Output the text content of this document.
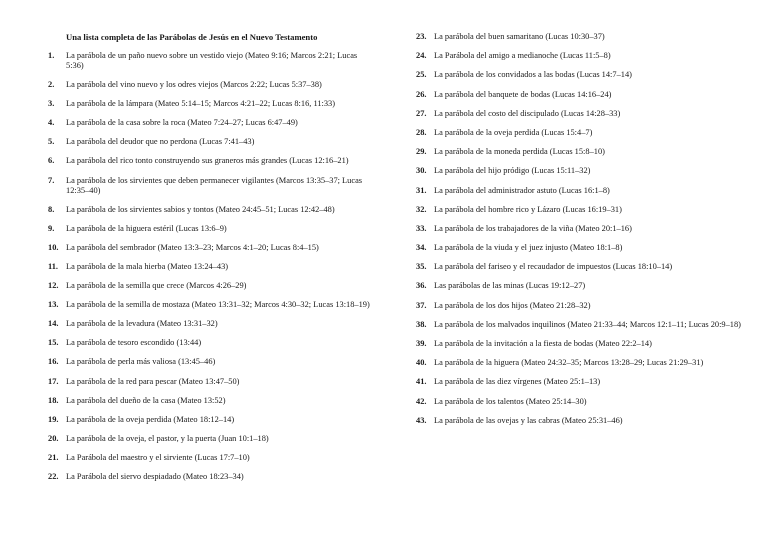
Una lista completa de las Parábolas de Jesús en el Nuevo Testamento
1.	La parábola de un paño nuevo sobre un vestido viejo (Mateo 9:16; Marcos 2:21; Lucas 5:36)
2.	La parábola del vino nuevo y los odres viejos (Marcos 2:22; Lucas 5:37–38)
3.	La parábola de la lámpara (Mateo 5:14–15; Marcos 4:21–22; Lucas 8:16, 11:33)
4.	La parábola de la casa sobre la roca (Mateo 7:24–27; Lucas 6:47–49)
5.	La parábola del deudor que no perdona (Lucas 7:41–43)
6.	La parábola del rico tonto construyendo sus graneros más grandes (Lucas 12:16–21)
7.	La parábola de los sirvientes que deben permanecer vigilantes (Marcos 13:35–37; Lucas 12:35–40)
8.	La parábola de los sirvientes sabios y tontos (Mateo 24:45–51; Lucas 12:42–48)
9.	La parábola de la higuera estéril (Lucas 13:6–9)
10. La parábola del sembrador (Mateo 13:3–23; Marcos 4:1–20; Lucas 8:4–15)
11. La parábola de la mala hierba (Mateo 13:24–43)
12. La parábola de la semilla que crece (Marcos 4:26–29)
13. La parábola de la semilla de mostaza (Mateo 13:31–32; Marcos 4:30–32; Lucas 13:18–19)
14. La parábola de la levadura (Mateo 13:31–32)
15. La parábola de tesoro escondido (13:44)
16. La parábola de perla más valiosa (13:45–46)
17. La parábola de la red para pescar (Mateo 13:47–50)
18. La parábola del dueño de la casa (Mateo 13:52)
19. La parábola de la oveja perdida (Mateo 18:12–14)
20. La parábola de la oveja, el pastor, y la puerta (Juan 10:1–18)
21. La Parábola del maestro y el sirviente (Lucas 17:7–10)
22. La Parábola del siervo despiadado (Mateo 18:23–34)
23. La parábola del buen samaritano (Lucas 10:30–37)
24. La Parábola del amigo a medianoche (Lucas 11:5–8)
25. La parábola de los convidados a las bodas (Lucas 14:7–14)
26. La parábola del banquete de bodas (Lucas 14:16–24)
27. La parábola del costo del discipulado (Lucas 14:28–33)
28. La parábola de la oveja perdida (Lucas 15:4–7)
29. La parábola de la moneda perdida (Lucas 15:8–10)
30. La parábola del hijo pródigo (Lucas 15:11–32)
31. La parábola del administrador astuto (Lucas 16:1–8)
32. La parábola del hombre rico y Lázaro (Lucas 16:19–31)
33. La parábola de los trabajadores de la viña (Mateo 20:1–16)
34. La parábola de la viuda y el juez injusto (Mateo 18:1–8)
35. La parábola del fariseo y el recaudador de impuestos (Lucas 18:10–14)
36. Las parábolas de las minas (Lucas 19:12–27)
37. La parábola de los dos hijos (Mateo 21:28–32)
38. La parábola de los malvados inquilinos (Mateo 21:33–44; Marcos 12:1–11; Lucas 20:9–18)
39. La parábola de la invitación a la fiesta de bodas (Mateo 22:2–14)
40. La parábola de la higuera (Mateo 24:32–35; Marcos 13:28–29; Lucas 21:29–31)
41. La parábola de las diez vírgenes (Mateo 25:1–13)
42. La parábola de los talentos (Mateo 25:14–30)
43. La parábola de las ovejas y las cabras (Mateo 25:31–46)
